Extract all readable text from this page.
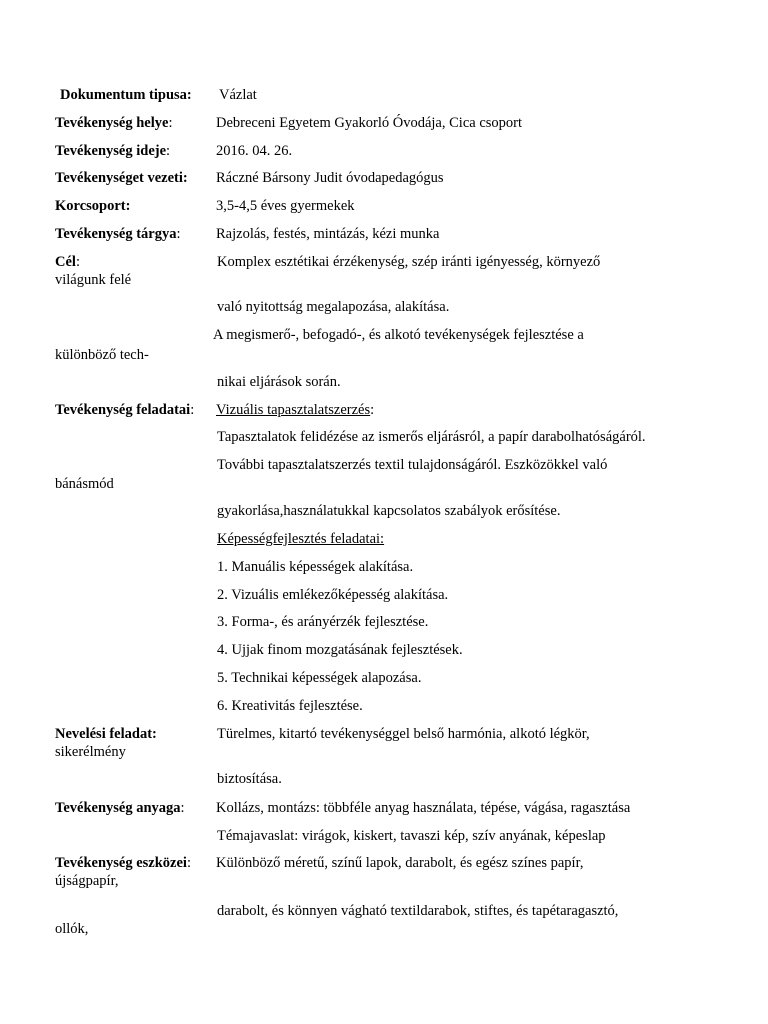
Dokumentum tipusa: Vázlat
Tevékenység helye:	Debreceni Egyetem Gyakorló Óvodája, Cica csoport
Tevékenység ideje:	2016. 04. 26.
Tevékenységet vezeti: Ráczné Bársony Judit óvodapedagógus
Korcsoport:	3,5-4,5 éves gyermekek
Tevékenység tárgya: Rajzolás, festés, mintázás, kézi munka
Cél:	Komplex esztétikai érzékenység, szép iránti igényesség, környező
világunk felé
való nyitottság megalapozása, alakítása.
A megismerő-, befogadó-, és alkotó tevékenységek fejlesztése a
különböző tech-
nikai eljárások során.
Tevékenység feladatai: Vizuális tapasztalatszerzés:
Tapasztalatok felidézése az ismerős eljárásról, a papír darabolhatóságáról.
További tapasztalatszerzés textil tulajdonságáról. Eszközökkel való
bánásmód
gyakorlása,használatukkal kapcsolatos szabályok erősítése.
Képességfejlesztés feladatai:
1. Manuális képességek alakítása.
2. Vizuális emlékezőképesség alakítása.
3. Forma-, és arányérzék fejlesztése.
4. Ujjak finom mozgatásának fejlesztések.
5. Technikai képességek alapozása.
6. Kreativitás fejlesztése.
Nevelési feladat:	Türelmes, kitartó tevékenységgel belső harmónia, alkotó légkör,
sikerélmény
biztosítása.
Tevékenység anyaga: Kollázs, montázs: többféle anyag használata, tépése, vágása, ragasztása
Témajavaslat: virágok, kiskert, tavaszi kép, szív anyának, képeslap
Tevékenység eszközei: Különböző méretű, színű lapok, darabolt, és egész színes papír,
újságpapír,
darabolt, és könnyen vágható textildarabok, stiftes, és tapétaragasztó,
ollók,
